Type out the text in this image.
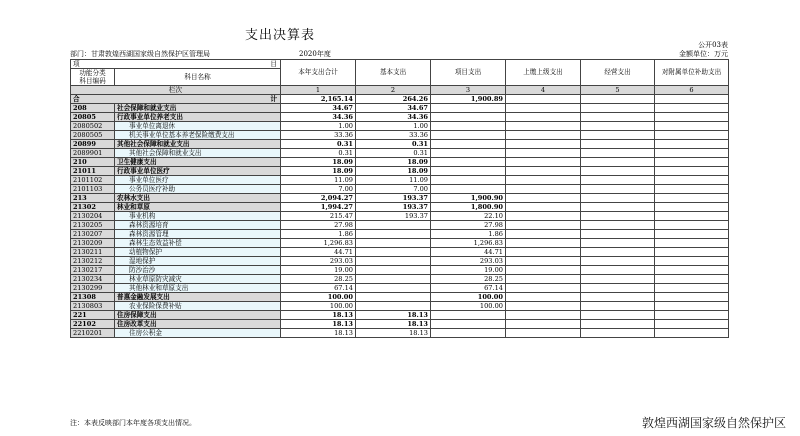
支出决算表
公开03表
部门：甘肃敦煌西湖国家级自然保护区管理局	2020年度	金额单位：万元
项 目		本年支出合计	基本支出	项目支出	上缴上级支出	经营支出	对附属单位补助支出

功能分类
科目编码	科目名称						
栏次		1	2	3	4	5	6

合 计		2,165.14	264.26	1,900.89			
208	社会保障和就业支出	34.67	34.67				
20805	行政事业单位养老支出	34.36	34.36				
2080502	事业单位离退休	1.00	1.00				
2080505	机关事业单位基本养老保险缴费支出	33.36	33.36				
20899	其他社会保障和就业支出	0.31	0.31				
2089901	其他社会保障和就业支出	0.31	0.31				
210	卫生健康支出	18.09	18.09				
21011	行政事业单位医疗	18.09	18.09				
2101102	事业单位医疗	11.09	11.09				
2101103	公务员医疗补助	7.00	7.00				
213	农林水支出	2,094.27	193.37	1,900.90			
21302	林业和草原	1,994.27	193.37	1,800.90			
2130204	事业机构	215.47	193.37	22.10			
2130205	森林资源培育	27.98		27.98			
2130207	森林资源管理	1.86		1.86			
2130209	森林生态效益补偿	1,296.83		1,296.83			
2130211	动植物保护	44.71		44.71			
2130212	湿地保护	293.03		293.03			
2130217	防沙治沙	19.00		19.00			
2130234	林业草原防灾减灾	28.25		28.25			
2130299	其他林业和草原支出	67.14		67.14			
21308	普惠金融发展支出	100.00		100.00			
2130803	农业保险保费补贴	100.00		100.00			
221	住房保障支出	18.13	18.13				
22102	住房改革支出	18.13	18.13				
2210201	住房公积金	18.13	18.13				
注：本表反映部门本年度各项支出情况。	敦煌西湖国家级自然保护区
